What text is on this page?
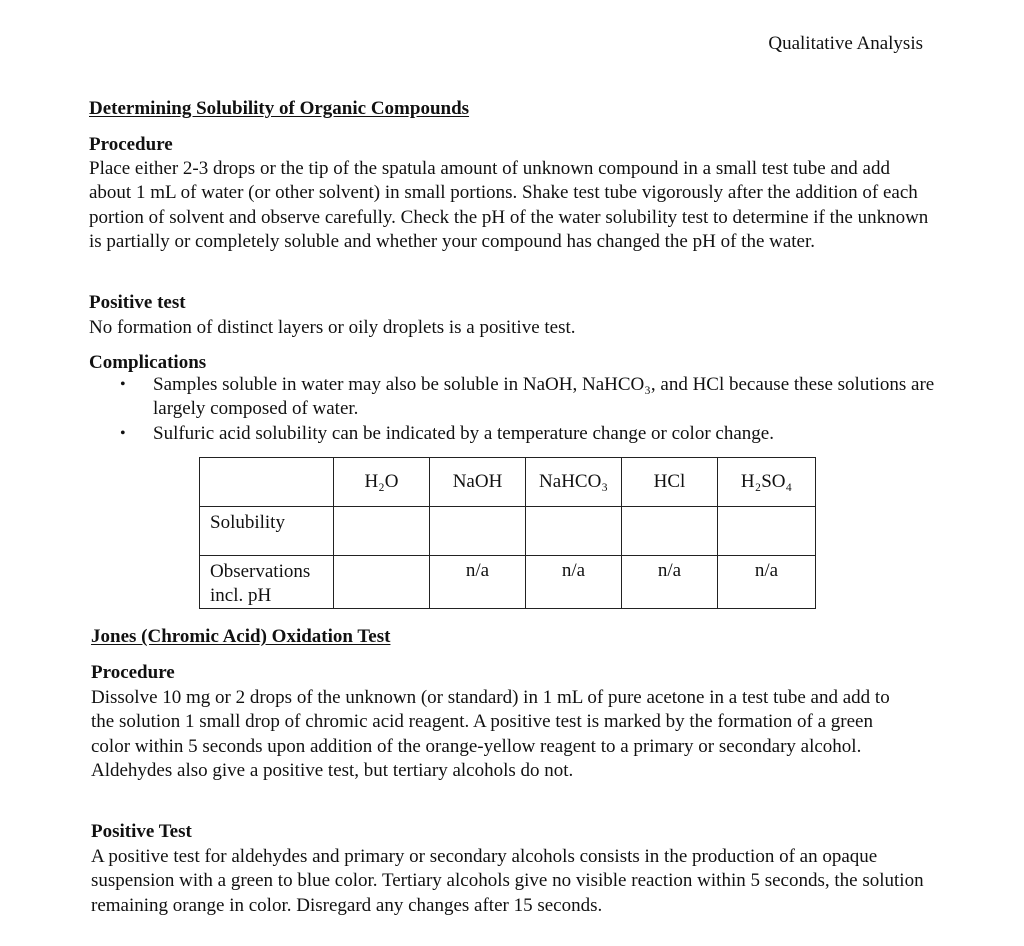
Qualitative Analysis
Determining Solubility of Organic Compounds
Procedure

Place either 2-3 drops or the tip of the spatula amount of unknown compound in a small test tube and add about 1 mL of water (or other solvent) in small portions. Shake test tube vigorously after the addition of each portion of solvent and observe carefully. Check the pH of the water solubility test to determine if the unknown is partially or completely soluble and whether your compound has changed the pH of the water.

Positive test

No formation of distinct layers or oily droplets is a positive test.

Complications
• Samples soluble in water may also be soluble in NaOH, NaHCO₃, and HCl because these solutions are largely composed of water.
• Sulfuric acid solubility can be indicated by a temperature change or color change.
	H₂O	NaOH	NaHCO₃	HCl	H₂SO₄
Solubility					
Observations incl. pH		n/a	n/a	n/a	n/a
Jones (Chromic Acid) Oxidation Test
Procedure

Dissolve 10 mg or 2 drops of the unknown (or standard) in 1 mL of pure acetone in a test tube and add to the solution 1 small drop of chromic acid reagent. A positive test is marked by the formation of a green color within 5 seconds upon addition of the orange-yellow reagent to a primary or secondary alcohol. Aldehydes also give a positive test, but tertiary alcohols do not.

Positive Test

A positive test for aldehydes and primary or secondary alcohols consists in the production of an opaque suspension with a green to blue color. Tertiary alcohols give no visible reaction within 5 seconds, the solution remaining orange in color. Disregard any changes after 15 seconds.
